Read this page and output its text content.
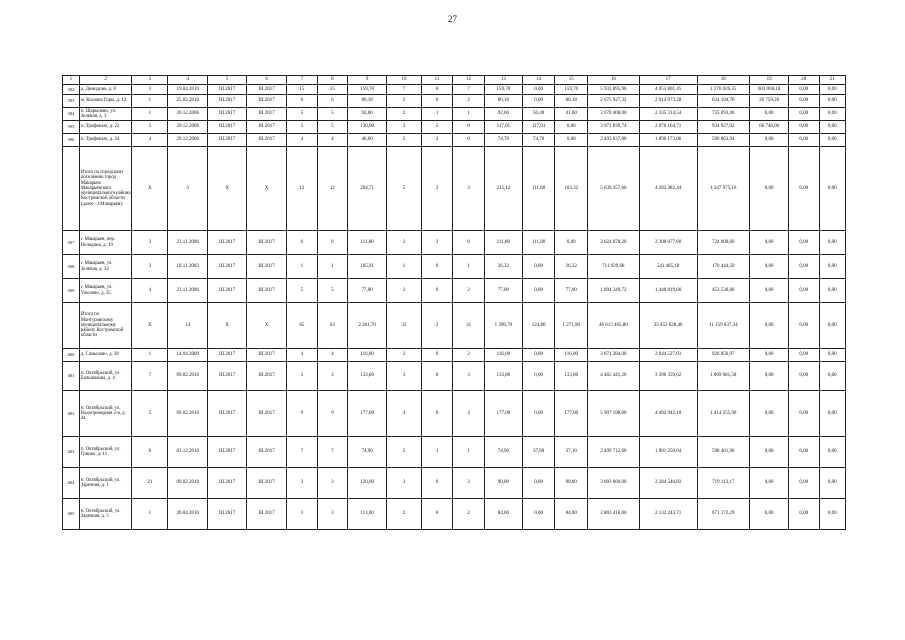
27
1	2	3	4	5	6	7	8	9	10	11	12	13	14	15	16	17	18	19	20	21
392	д. Демидово, д. 8	3	19.04.2010	III.2017	III.2017	15	15	159,70	7	0	7	159,70	0,00	159,70	5 932 895,96	4 053 801,45	1 276 026,35	603 068,18	0,00	0,00
393	м. Козлова Горы, д. 12	1	25.02.2010	III.2017	III.2017	6	6	80,18	2	0	2	80,18	0,00	80,18	2 675 927,32	2 914 973,28	634 194,78	26 759,26	0,00	0,00
394	п. Шарылово, ул. Зеленая, д. 3	1	20.12.2006	III.2017	III.2017	5	5	92,00	2	1	1	92,00	50,40	41,60	3 070 408,00	2 335 314,54	735 093,46	0,00	0,00	0,00
395	п. Трифоныч, д. 22	3	29.12.2006	III.2017	III.2017	3	5	130,00	3	5	0	117,01	117,01	0,00	3 971 839,74	2 970 164,71	934 927,03	66 748,00	0,00	0,00
396	п. Трифоныч, д. 24	4	29.12.2006	III.2017	III.2017	4	4	46,00	2	2	0	74,70	74,70	0,00	2 493 037,80	1 896 173,86	596 863,94	0,00	0,00	0,00
	Итого по городскому поселению город Макарьев Макарьевского муниципального района Костромской области (далее - г.Макарьев):	X	3	X	X	12	12	294,71	5	2	3	215,12	111,80	103,32	5 630 357,60	4 282 382,44	1 347 975,16	0,00	0,00	0,00
397	г. Макарьев, пер. Володина, д. 19	3	23.11.2006	III.2017	III.2017	6	6	111,80	2	2	0	111,80	111,80	0,00	3 024 078,20	2 300 077,60	724 000,60	0,00	0,00	0,00
398	г. Макарьев, ул. Зеленая, д. 32	3	18.11.2003	III.2017	III.2017	1	1	105,91	1	0	1	26,32	0,00	26,32	711 929,68	541 485,18	170 444,50	0,00	0,00	0,00
399	г. Макарьев, ул. Ужолово, д. 35	4	23.11.2006	III.2017	III.2017	5	5	77,00	2	0	2	77,00	0,00	77,00	1 894 349,72	1 440 819,66	453 530,06	0,00	0,00	0,00
	Итого по Мантуровскому муниципальному району Костромской области	X	14	X	X	65	63	2 201,70	33	2	31	1 396,70	124,80	1 271,90	46 613 465,80	35 453 628,46	11 159 837,34	0,00	0,00	0,00
400	д. Самылово, д. 38	1	14.04.2009	III.2017	III.2017	4	4	116,00	2	0	2	116,00	0,00	116,00	3 871 384,00	2 944 527,03	926 856,97	0,00	0,00	0,00
401	п. Октябрьский, ул. Большакова, д. 4	7	09.02.2010	III.2017	III.2017	3	3	133,80	3	0	3	133,80	0,00	133,80	4 465 441,20	3 396 359,62	1 069 081,58	0,00	0,00	0,00
402	п. Октябрьский, ул. Водопроводная 2-я, д. 4а	5	09.02.2010	III.2017	III.2017	9	9	177,00	4	0	4	177,00	0,00	177,00	5 907 198,00	4 492 942,10	1 414 255,90	0,00	0,00	0,00
403	п. Октябрьский, ул. Гринко, д. 11	6	03.12.2010	III.2017	III.2017	7	7	74,90	2	1	1	74,90	37,80	37,10	2 499 712,60	1 901 250,64	598 461,96	0,00	0,00	0,00
404	п. Октябрьский, ул. Заречная, д. 1	21	09.02.2010	III.2017	III.2017	3	3	120,00	3	0	3	90,00	0,00	90,00	3 003 660,00	2 284 546,83	719 113,17	0,00	0,00	0,00
405	п. Октябрьский, ул. Заречная, д. 5	1	20.04.2010	III.2017	III.2017	3	3	113,00	2	0	2	84,00	0,00	84,00	2 803 416,00	2 132 243,71	671 172,29	0,00	0,00	0,00
